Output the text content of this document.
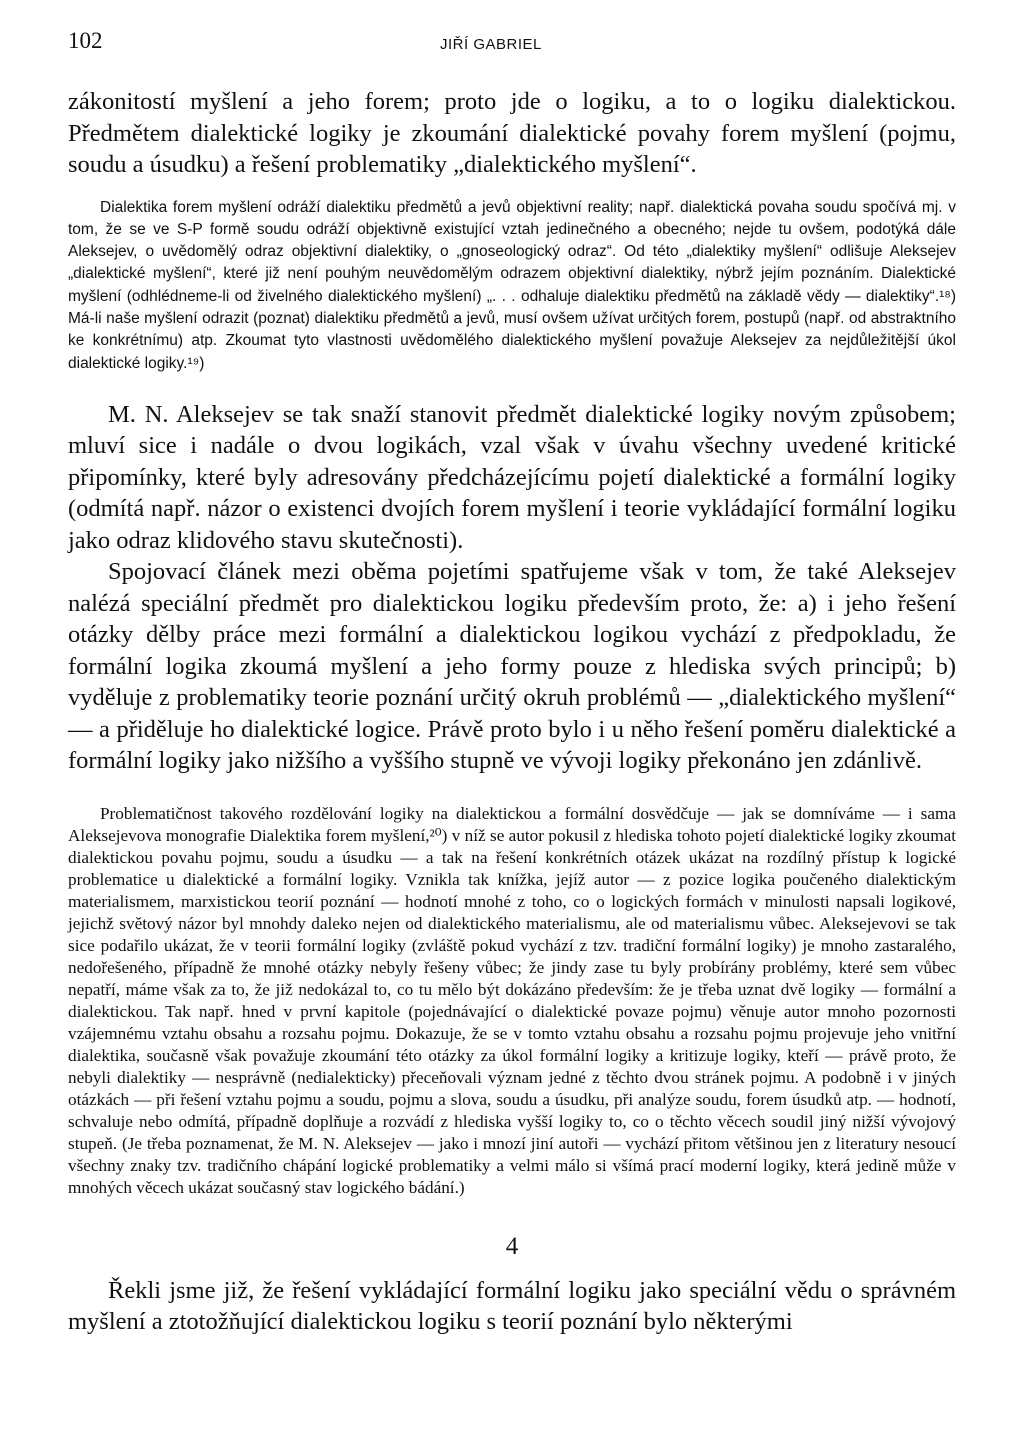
102	JIŘÍ GABRIEL

zákonitostí myšlení a jeho forem; proto jde o logiku, a to o logiku dialektickou. Předmětem dialektické logiky je zkoumání dialektické povahy forem myšlení (pojmu, soudu a úsudku) a řešení problematiky „dialektického myšlení“.

Dialektika forem myšlení odráží dialektiku předmětů a jevů objektivní reality; např. dialektická povaha soudu spočívá mj. v tom, že se ve S-P formě soudu odráží objektivně existující vztah jedinečného a obecného; nejde tu ovšem, podotýká dále Aleksejev, o uvědomělý odraz objektivní dialektiky, o „gnoseologický odraz“. Od této „dialektiky myšlení“ odlišuje Aleksejev „dialektické myšlení“, které již není pouhým neuvědomělým odrazem objektivní dialektiky, nýbrž jejím poznáním. Dialektické myšlení (odhlédneme-li od živelného dialektického myšlení) „. . . odhaluje dialektiku předmětů na základě vědy — dialektiky“.¹⁸) Má-li naše myšlení odrazit (poznat) dialektiku předmětů a jevů, musí ovšem užívat určitých forem, postupů (např. od abstraktního ke konkrétnímu) atp. Zkoumat tyto vlastnosti uvědomělého dialektického myšlení považuje Aleksejev za nejdůležitější úkol dialektické logiky.¹⁹)

M. N. Aleksejev se tak snaží stanovit předmět dialektické logiky novým způsobem; mluví sice i nadále o dvou logikách, vzal však v úvahu všechny uvedené kritické připomínky, které byly adresovány předcházejícímu pojetí dialektické a formální logiky (odmítá např. názor o existenci dvojích forem myšlení i teorie vykládající formální logiku jako odraz klidového stavu skutečnosti).

Spojovací článek mezi oběma pojetími spatřujeme však v tom, že také Aleksejev nalézá speciální předmět pro dialektickou logiku především proto, že: a) i jeho řešení otázky dělby práce mezi formální a dialektickou logikou vychází z předpokladu, že formální logika zkoumá myšlení a jeho formy pouze z hlediska svých principů; b) vyděluje z problematiky teorie poznání určitý okruh problémů — „dialektického myšlení“ — a přiděluje ho dialektické logice. Právě proto bylo i u něho řešení poměru dialektické a formální logiky jako nižšího a vyššího stupně ve vývoji logiky překonáno jen zdánlivě.

Problematičnost takového rozdělování logiky na dialektickou a formální dosvědčuje — jak se domníváme — i sama Aleksejevova monografie Dialektika forem myšlení,²⁰) v níž se autor pokusil z hlediska tohoto pojetí dialektické logiky zkoumat dialektickou povahu pojmu, soudu a úsudku — a tak na řešení konkrétních otázek ukázat na rozdílný přístup k logické problematice u dialektické a formální logiky. Vznikla tak knížka, jejíž autor — z pozice logika poučeného dialektickým materialismem, marxistickou teorií poznání — hodnotí mnohé z toho, co o logických formách v minulosti napsali logikové, jejichž světový názor byl mnohdy daleko nejen od dialektického materialismu, ale od materialismu vůbec. Aleksejevovi se tak sice podařilo ukázat, že v teorii formální logiky (zvláště pokud vychází z tzv. tradiční formální logiky) je mnoho zastaralého, nedořešeného, případně že mnohé otázky nebyly řešeny vůbec; že jindy zase tu byly probírány problémy, které sem vůbec nepatří, máme však za to, že již nedokázal to, co tu mělo být dokázáno především: že je třeba uznat dvě logiky — formální a dialektickou. Tak např. hned v první kapitole (pojednávající o dialektické povaze pojmu) věnuje autor mnoho pozornosti vzájemnému vztahu obsahu a rozsahu pojmu. Dokazuje, že se v tomto vztahu obsahu a rozsahu pojmu projevuje jeho vnitřní dialektika, současně však považuje zkoumání této otázky za úkol formální logiky a kritizuje logiky, kteří — právě proto, že nebyli dialektiky — nesprávně (nedialekticky) přeceňovali význam jedné z těchto dvou stránek pojmu. A podobně i v jiných otázkách — při řešení vztahu pojmu a soudu, pojmu a slova, soudu a úsudku, při analýze soudu, forem úsudků atp. — hodnotí, schvaluje nebo odmítá, případně doplňuje a rozvádí z hlediska vyšší logiky to, co o těchto věcech soudil jiný nižší vývojový stupeň. (Je třeba poznamenat, že M. N. Aleksejev — jako i mnozí jiní autoři — vychází přitom většinou jen z literatury nesoucí všechny znaky tzv. tradičního chápání logické problematiky a velmi málo si všímá prací moderní logiky, která jedině může v mnohých věcech ukázat současný stav logického bádání.)

4

Řekli jsme již, že řešení vykládající formální logiku jako speciální vědu o správném myšlení a ztotožňující dialektickou logiku s teorií poznání bylo některými
